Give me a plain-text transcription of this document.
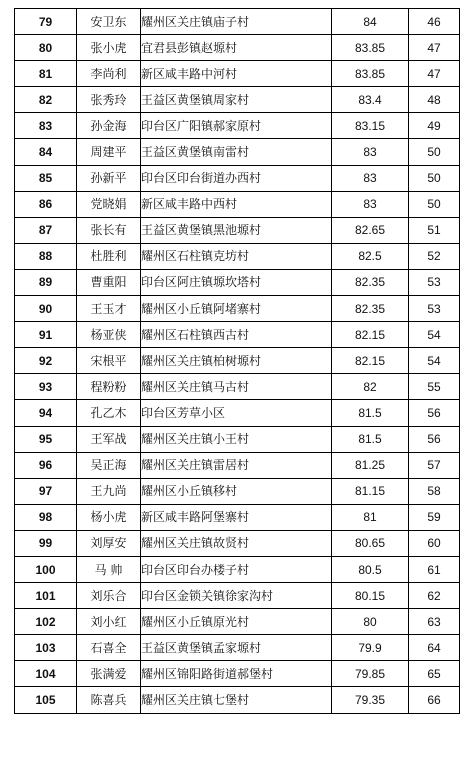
79	安卫东	耀州区关庄镇庙子村	84	46
80	张小虎	宜君县彭镇赵塬村	83.85	47
81	李尚利	新区咸丰路中河村	83.85	47
82	张秀玲	王益区黄堡镇周家村	83.4	48
83	孙金海	印台区广阳镇郝家原村	83.15	49
84	周建平	王益区黄堡镇南雷村	83	50
85	孙新平	印台区印台街道办西村	83	50
86	党晓娟	新区咸丰路中西村	83	50
87	张长有	王益区黄堡镇黑池塬村	82.65	51
88	杜胜利	耀州区石柱镇克坊村	82.5	52
89	曹重阳	印台区阿庄镇塬坎塔村	82.35	53
90	王玉才	耀州区小丘镇阿堵寨村	82.35	53
91	杨亚侠	耀州区石柱镇西古村	82.15	54
92	宋根平	耀州区关庄镇柏树塬村	82.15	54
93	程粉粉	耀州区关庄镇马古村	82	55
94	孔乙木	印台区芳草小区	81.5	56
95	王军战	耀州区关庄镇小王村	81.5	56
96	吴正海	耀州区关庄镇雷居村	81.25	57
97	王九尚	耀州区小丘镇移村	81.15	58
98	杨小虎	新区咸丰路阿堡寨村	81	59
99	刘厚安	耀州区关庄镇故贤村	80.65	60
100	马 帅	印台区印台办楼子村	80.5	61
101	刘乐合	印台区金锁关镇徐家沟村	80.15	62
102	刘小红	耀州区小丘镇原光村	80	63
103	石喜全	王益区黄堡镇孟家塬村	79.9	64
104	张满爱	耀州区锦阳路街道郝堡村	79.85	65
105	陈喜兵	耀州区关庄镇七堡村	79.35	66
